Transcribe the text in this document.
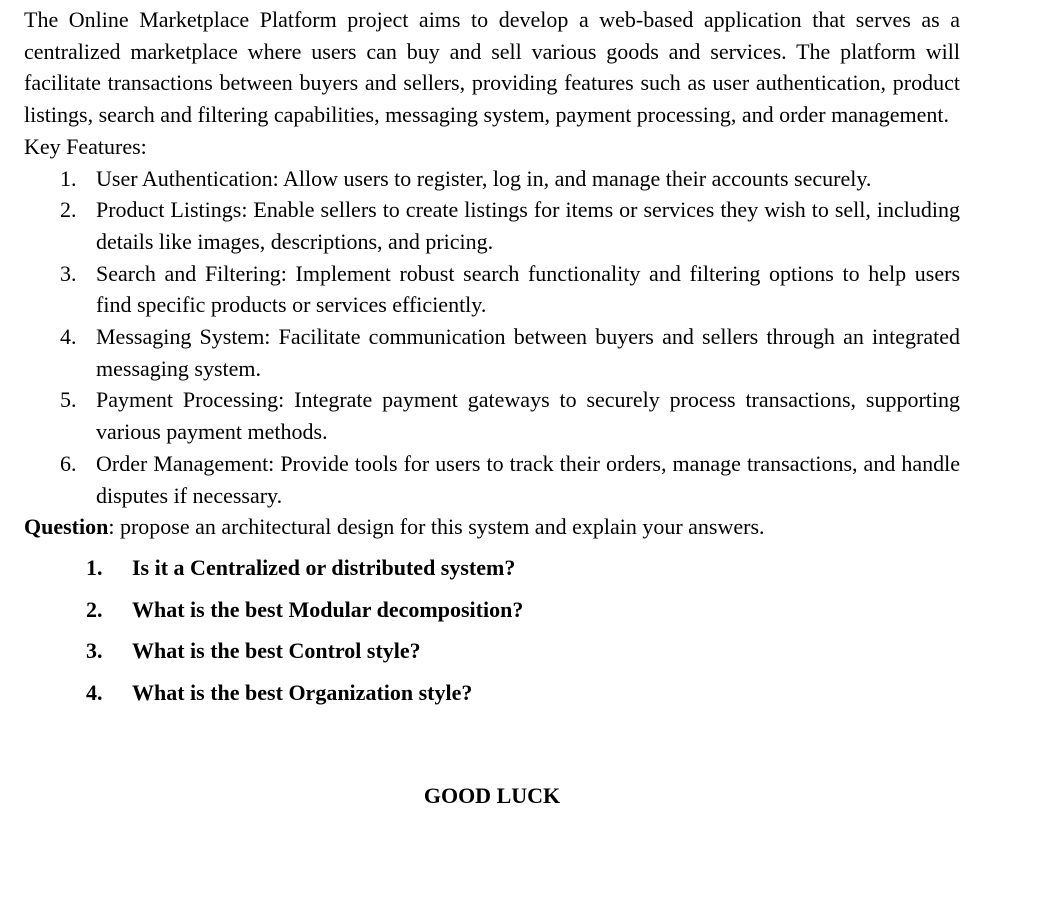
The Online Marketplace Platform project aims to develop a web-based application that serves as a centralized marketplace where users can buy and sell various goods and services. The platform will facilitate transactions between buyers and sellers, providing features such as user authentication, product listings, search and filtering capabilities, messaging system, payment processing, and order management.

Key Features:

1. User Authentication: Allow users to register, log in, and manage their accounts securely.
2. Product Listings: Enable sellers to create listings for items or services they wish to sell, including details like images, descriptions, and pricing.
3. Search and Filtering: Implement robust search functionality and filtering options to help users find specific products or services efficiently.
4. Messaging System: Facilitate communication between buyers and sellers through an integrated messaging system.
5. Payment Processing: Integrate payment gateways to securely process transactions, supporting various payment methods.
6. Order Management: Provide tools for users to track their orders, manage transactions, and handle disputes if necessary.

Question: propose an architectural design for this system and explain your answers.

1. Is it a Centralized or distributed system?
2. What is the best Modular decomposition?
3. What is the best Control style?
4. What is the best Organization style?
GOOD LUCK
